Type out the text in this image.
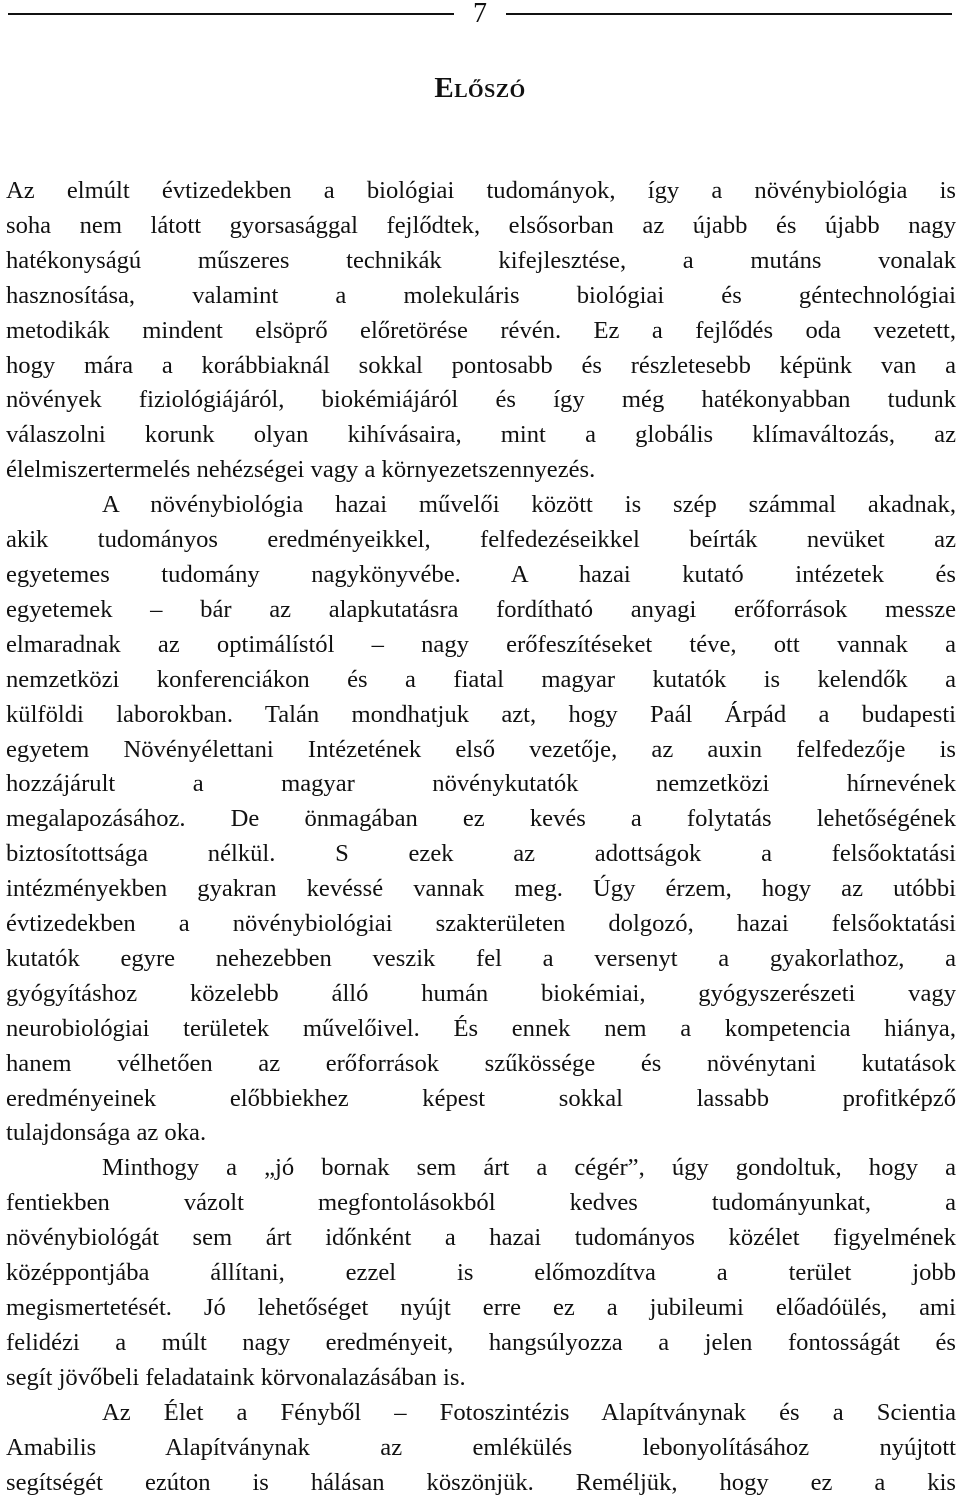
7
Előszó

Az elmúlt évtizedekben a biológiai tudományok, így a növénybiológia is
soha nem látott gyorsasággal fejlődtek, elsősorban az újabb és újabb nagy
hatékonyságú műszeres technikák kifejlesztése, a mutáns vonalak
hasznosítása, valamint a molekuláris biológiai és géntechnológiai
metodikák mindent elsöprő előretörése révén. Ez a fejlődés oda vezetett,
hogy mára a korábbiaknál sokkal pontosabb és részletesebb képünk van a
növények fiziológiájáról, biokémiájáról és így még hatékonyabban tudunk
válaszolni korunk olyan kihívásaira, mint a globális klímaváltozás, az
élelmiszertermelés nehézségei vagy a környezetszennyezés.

A növénybiológia hazai művelői között is szép számmal akadnak,
akik tudományos eredményeikkel, felfedezéseikkel beírták nevüket az
egyetemes tudomány nagykönyvébe. A hazai kutató intézetek és
egyetemek – bár az alapkutatásra fordítható anyagi erőforrások messze
elmaradnak az optimálístól – nagy erőfeszítéseket téve, ott vannak a
nemzetközi konferenciákon és a fiatal magyar kutatók is kelendők a
külföldi laborokban. Talán mondhatjuk azt, hogy Paál Árpád a budapesti
egyetem Növényélettani Intézetének első vezetője, az auxin felfedezője is
hozzájárult a magyar növénykutatók nemzetközi hírnevének
megalapozásához. De önmagában ez kevés a folytatás lehetőségének
biztosítottsága nélkül. S ezek az adottságok a felsőoktatási
intézményekben gyakran kevéssé vannak meg. Úgy érzem, hogy az utóbbi
évtizedekben a növénybiológiai szakterületen dolgozó, hazai felsőoktatási
kutatók egyre nehezebben veszik fel a versenyt a gyakorlathoz, a
gyógyításhoz közelebb álló humán biokémiai, gyógyszerészeti vagy
neurobiológiai területek művelőivel. És ennek nem a kompetencia hiánya,
hanem vélhetően az erőforrások szűkössége és növénytani kutatások
eredményeinek előbbiekhez képest sokkal lassabb profitképző
tulajdonsága az oka.

Minthogy a „jó bornak sem árt a cégér”, úgy gondoltuk, hogy a
fentiekben vázolt megfontolásokból kedves tudományunkat, a
növénybiológát sem árt időnként a hazai tudományos közélet figyelmének
középpontjába állítani, ezzel is előmozdítva a terület jobb
megismertetését. Jó lehetőséget nyújt erre ez a jubileumi előadóülés, ami
felidézi a múlt nagy eredményeit, hangsúlyozza a jelen fontosságát és
segít jövőbeli feladataink körvonalazásában is.

Az Élet a Fényből – Fotoszintézis Alapítványnak és a Scientia
Amabilis Alapítványnak az emlékülés lebonyolításához nyújtott
segítségét ezúton is hálásan köszönjük. Reméljük, hogy ez a kis
